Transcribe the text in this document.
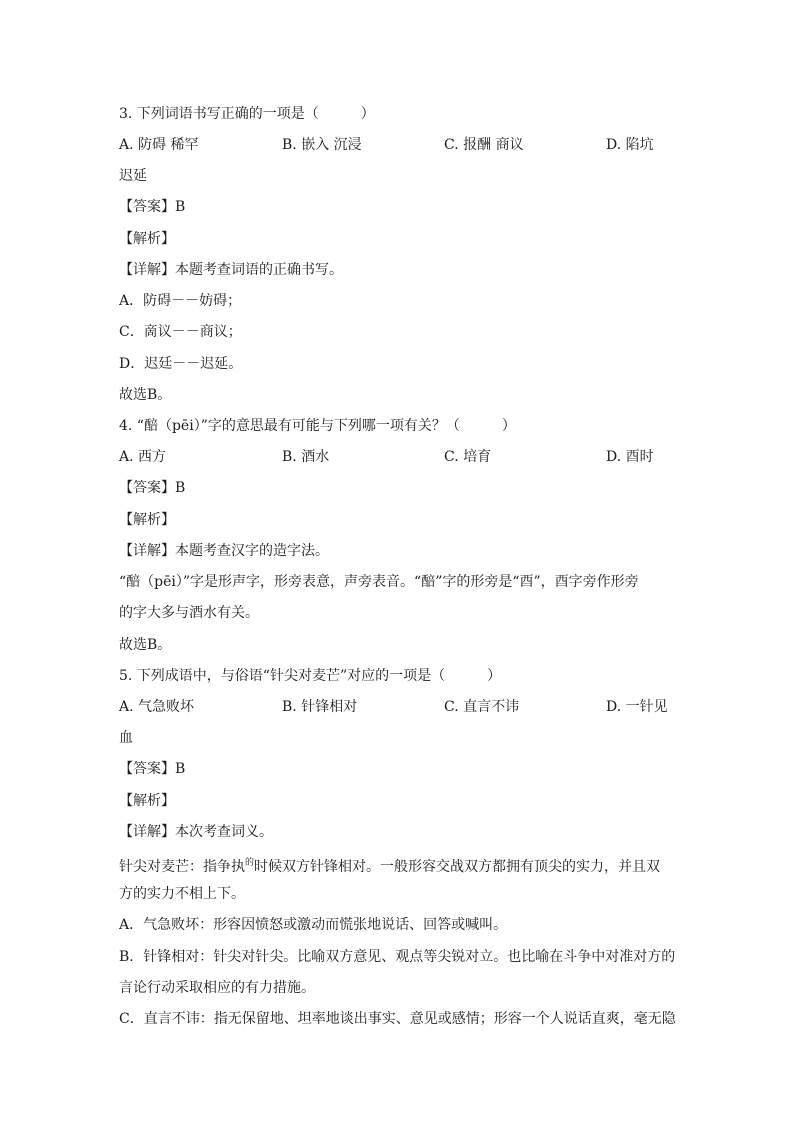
3. 下列词语书写正确的一项是（　　　）
A. 防碍 稀罕	B. 嵌入 沉浸	C. 报酬 商议	D. 陷坑
迟延
【答案】B
【解析】
【详解】本题考查词语的正确书写。
A．防碍－－妨碍；
C．啇议－－商议；
D．迟廷－－迟延。
故选B。
4. “醅（pēi）”字的意思最有可能与下列哪一项有关？（　　　）
A. 西方	B. 酒水	C. 培育	D. 酉时
【答案】B
【解析】
【详解】本题考查汉字的造字法。
“醅（pēi）”字是形声字，形旁表意，声旁表音。“醅”字的形旁是“酉”，酉字旁作形旁
的字大多与酒水有关。
故选B。
5. 下列成语中，与俗语“针尖对麦芒”对应的一项是（　　　）
A. 气急败坏	B. 针锋相对	C. 直言不讳	D. 一针见
血
【答案】B
【解析】
【详解】本次考查词义。
针尖对麦芒：指争执$^的$时候双方针锋相对。一般形容交战双方都拥有顶尖的实力，并且双
方的实力不相上下。
A．气急败坏：形容因愤怒或激动而慌张地说话、回答或喊叫。
B．针锋相对：针尖对针尖。比喻双方意见、观点等尖锐对立。也比喻在斗争中对准对方的
言论行动采取相应的有力措施。
C．直言不讳：指无保留地、坦率地谈出事实、意见或感情；形容一个人说话直爽，毫无隐
